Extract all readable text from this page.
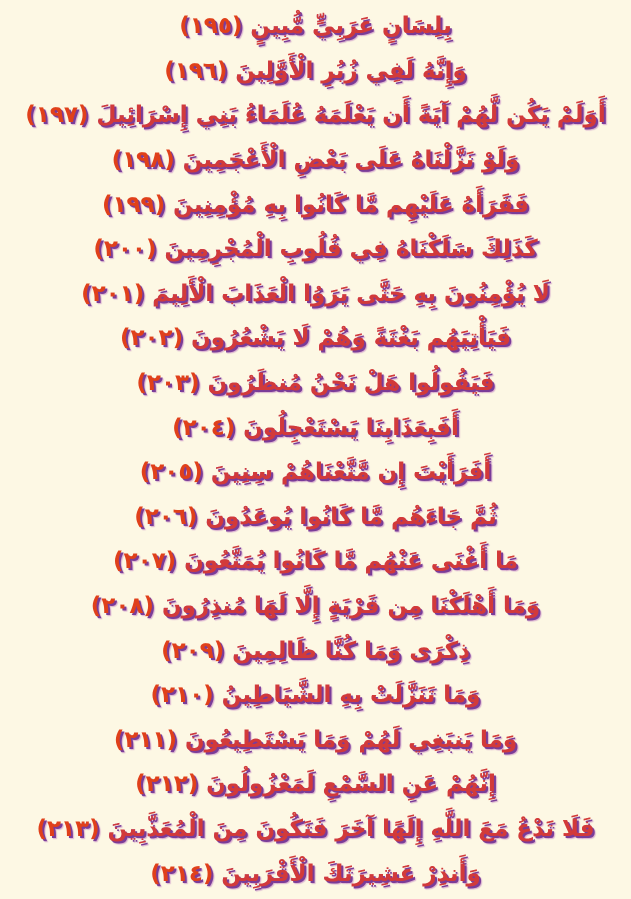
بِلِسَانٍ عَرَبِيٍّ مُّبِينٍ
(١٩٥)
وَإِنَّهُ لَفِي زُبُرِ الْأَوَّلِينَ
(١٩٦)
أَوَلَمْ يَكُن لَّهُمْ آيَةً أَن يَعْلَمَهُ عُلَمَاءُ بَنِي إِسْرَائِيلَ
(١٩٧)
وَلَوْ نَزَّلْنَاهُ عَلَى بَعْضِ الْأَعْجَمِينَ
(١٩٨)
فَقَرَأَهُ عَلَيْهِم مَّا كَانُوا بِهِ مُؤْمِنِينَ
(١٩٩)
كَذَلِكَ سَلَكْنَاهُ فِي قُلُوبِ الْمُجْرِمِينَ
(٢٠٠)
لَا يُؤْمِنُونَ بِهِ حَتَّى يَرَوُا الْعَذَابَ الْأَلِيمَ
(٢٠١)
فَيَأْتِيَهُم بَغْتَةً وَهُمْ لَا يَشْعُرُونَ
(٢٠٢)
فَيَقُولُوا هَلْ نَحْنُ مُنظَرُونَ
(٢٠٣)
أَفَبِعَذَابِنَا يَسْتَعْجِلُونَ
(٢٠٤)
أَفَرَأَيْتَ إِن مَّتَّعْنَاهُمْ سِنِينَ
(٢٠٥)
ثُمَّ جَاءَهُم مَّا كَانُوا يُوعَدُونَ
(٢٠٦)
مَا أَغْنَى عَنْهُم مَّا كَانُوا يُمَتَّعُونَ
(٢٠٧)
وَمَا أَهْلَكْنَا مِن قَرْيَةٍ إِلَّا لَهَا مُنذِرُونَ
(٢٠٨)
ذِكْرَى وَمَا كُنَّا ظَالِمِينَ
(٢٠٩)
وَمَا تَنَزَّلَتْ بِهِ الشَّيَاطِينُ
(٢١٠)
وَمَا يَنبَغِي لَهُمْ وَمَا يَسْتَطِيعُونَ
(٢١١)
إِنَّهُمْ عَنِ السَّمْعِ لَمَعْزُولُونَ
(٢١٢)
فَلَا تَدْعُ مَعَ اللَّهِ إِلَهًا آخَرَ فَتَكُونَ مِنَ الْمُعَذَّبِينَ
(٢١٣)
وَأَنذِرْ عَشِيرَتَكَ الْأَقْرَبِينَ
(٢١٤)
